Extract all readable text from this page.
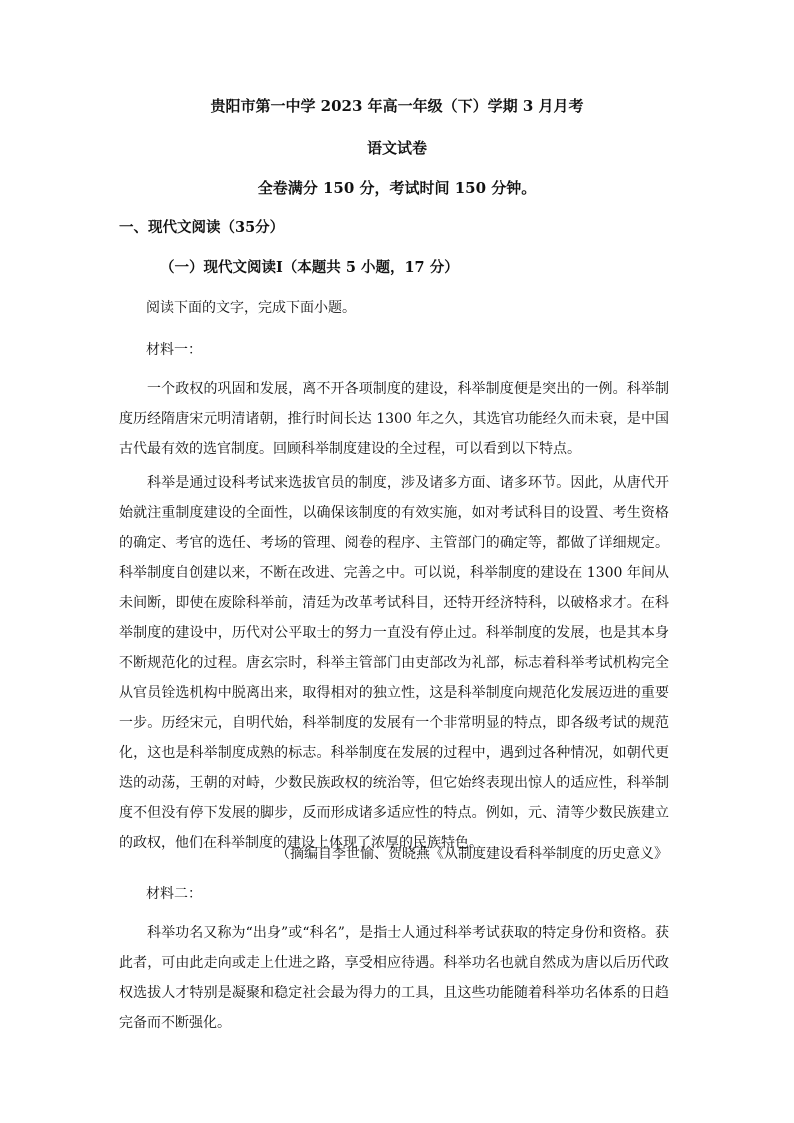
贵阳市第一中学 2023 年高一年级（下）学期 3 月月考
语文试卷
全卷满分 150 分，考试时间 150 分钟。
一、现代文阅读（35分）
（一）现代文阅读Ⅰ（本题共 5 小题，17 分）
阅读下面的文字，完成下面小题。
材料一：

一个政权的巩固和发展，离不开各项制度的建设，科举制度便是突出的一例。科举制度历经隋唐宋元明清诸朝，推行时间长达 1300 年之久，其选官功能经久而未衰，是中国古代最有效的选官制度。回顾科举制度建设的全过程，可以看到以下特点。

科举是通过设科考试来选拔官员的制度，涉及诸多方面、诸多环节。因此，从唐代开始就注重制度建设的全面性，以确保该制度的有效实施，如对考试科目的设置、考生资格的确定、考官的选任、考场的管理、阅卷的程序、主管部门的确定等，都做了详细规定。科举制度自创建以来，不断在改进、完善之中。可以说，科举制度的建设在 1300 年间从未间断，即使在废除科举前，清廷为改革考试科目，还特开经济特科，以破格求才。在科举制度的建设中，历代对公平取士的努力一直没有停止过。科举制度的发展，也是其本身不断规范化的过程。唐玄宗时，科举主管部门由吏部改为礼部，标志着科举考试机构完全从官员铨选机构中脱离出来，取得相对的独立性，这是科举制度向规范化发展迈进的重要一步。历经宋元，自明代始，科举制度的发展有一个非常明显的特点，即各级考试的规范化，这也是科举制度成熟的标志。科举制度在发展的过程中，遇到过各种情况，如朝代更迭的动荡，王朝的对峙，少数民族政权的统治等，但它始终表现出惊人的适应性，科举制度不但没有停下发展的脚步，反而形成诸多适应性的特点。例如，元、清等少数民族建立的政权，他们在科举制度的建设上体现了浓厚的民族特色。

（摘编自李世愉、贺晓燕《从制度建设看科举制度的历史意义》
材料二：

科举功名又称为“出身”或“科名”，是指士人通过科举考试获取的特定身份和资格。获此者，可由此走向或走上仕进之路，享受相应待遇。科举功名也就自然成为唐以后历代政权选拔人才特别是凝聚和稳定社会最为得力的工具，且这些功能随着科举功名体系的日趋完备而不断强化。
